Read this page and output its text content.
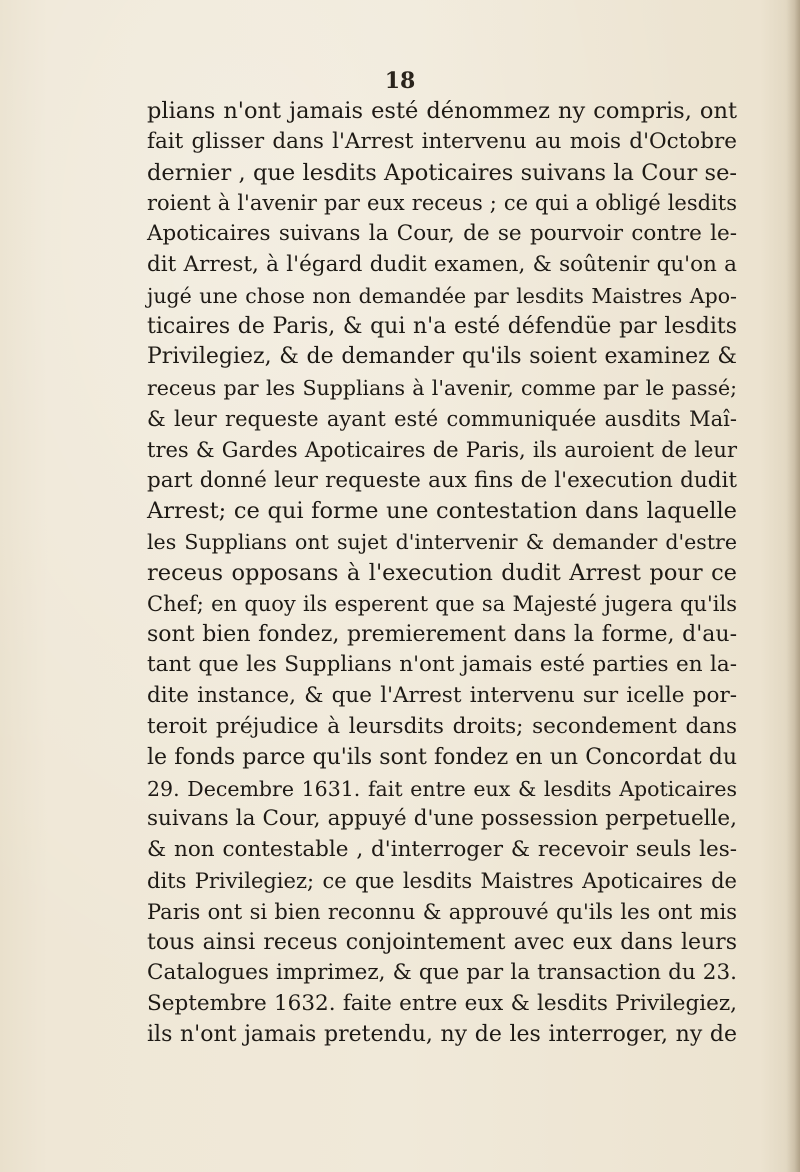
18
plians n'ont jamais esté dénommez ny compris, ont
fait glisser dans l'Arrest intervenu au mois d'Octobre
dernier , que lesdits Apoticaires suivans la Cour se-
roient à l'avenir par eux receus ; ce qui a obligé lesdits
Apoticaires suivans la Cour, de se pourvoir contre le-
dit Arrest, à l'égard dudit examen, & soûtenir qu'on a
jugé une chose non demandée par lesdits Maistres Apo-
ticaires de Paris, & qui n'a esté défendüe par lesdits
Privilegiez, & de demander qu'ils soient examinez &
receus par les Supplians à l'avenir, comme par le passé;
& leur requeste ayant esté communiquée ausdits Maî-
tres & Gardes Apoticaires de Paris, ils auroient de leur
part donné leur requeste aux fins de l'execution dudit
Arrest; ce qui forme une contestation dans laquelle
les Supplians ont sujet d'intervenir & demander d'estre
receus opposans à l'execution dudit Arrest pour ce
Chef; en quoy ils esperent que sa Majesté jugera qu'ils
sont bien fondez, premierement dans la forme, d'au-
tant que les Supplians n'ont jamais esté parties en la-
dite instance, & que l'Arrest intervenu sur icelle por-
teroit préjudice à leursdits droits; secondement dans
le fonds parce qu'ils sont fondez en un Concordat du
29. Decembre 1631. fait entre eux & lesdits Apoticaires
suivans la Cour, appuyé d'une possession perpetuelle,
& non contestable , d'interroger & recevoir seuls les-
dits Privilegiez; ce que lesdits Maistres Apoticaires de
Paris ont si bien reconnu & approuvé qu'ils les ont mis
tous ainsi receus conjointement avec eux dans leurs
Catalogues imprimez, & que par la transaction du 23.
Septembre 1632. faite entre eux & lesdits Privilegiez,
ils n'ont jamais pretendu, ny de les interroger, ny de
